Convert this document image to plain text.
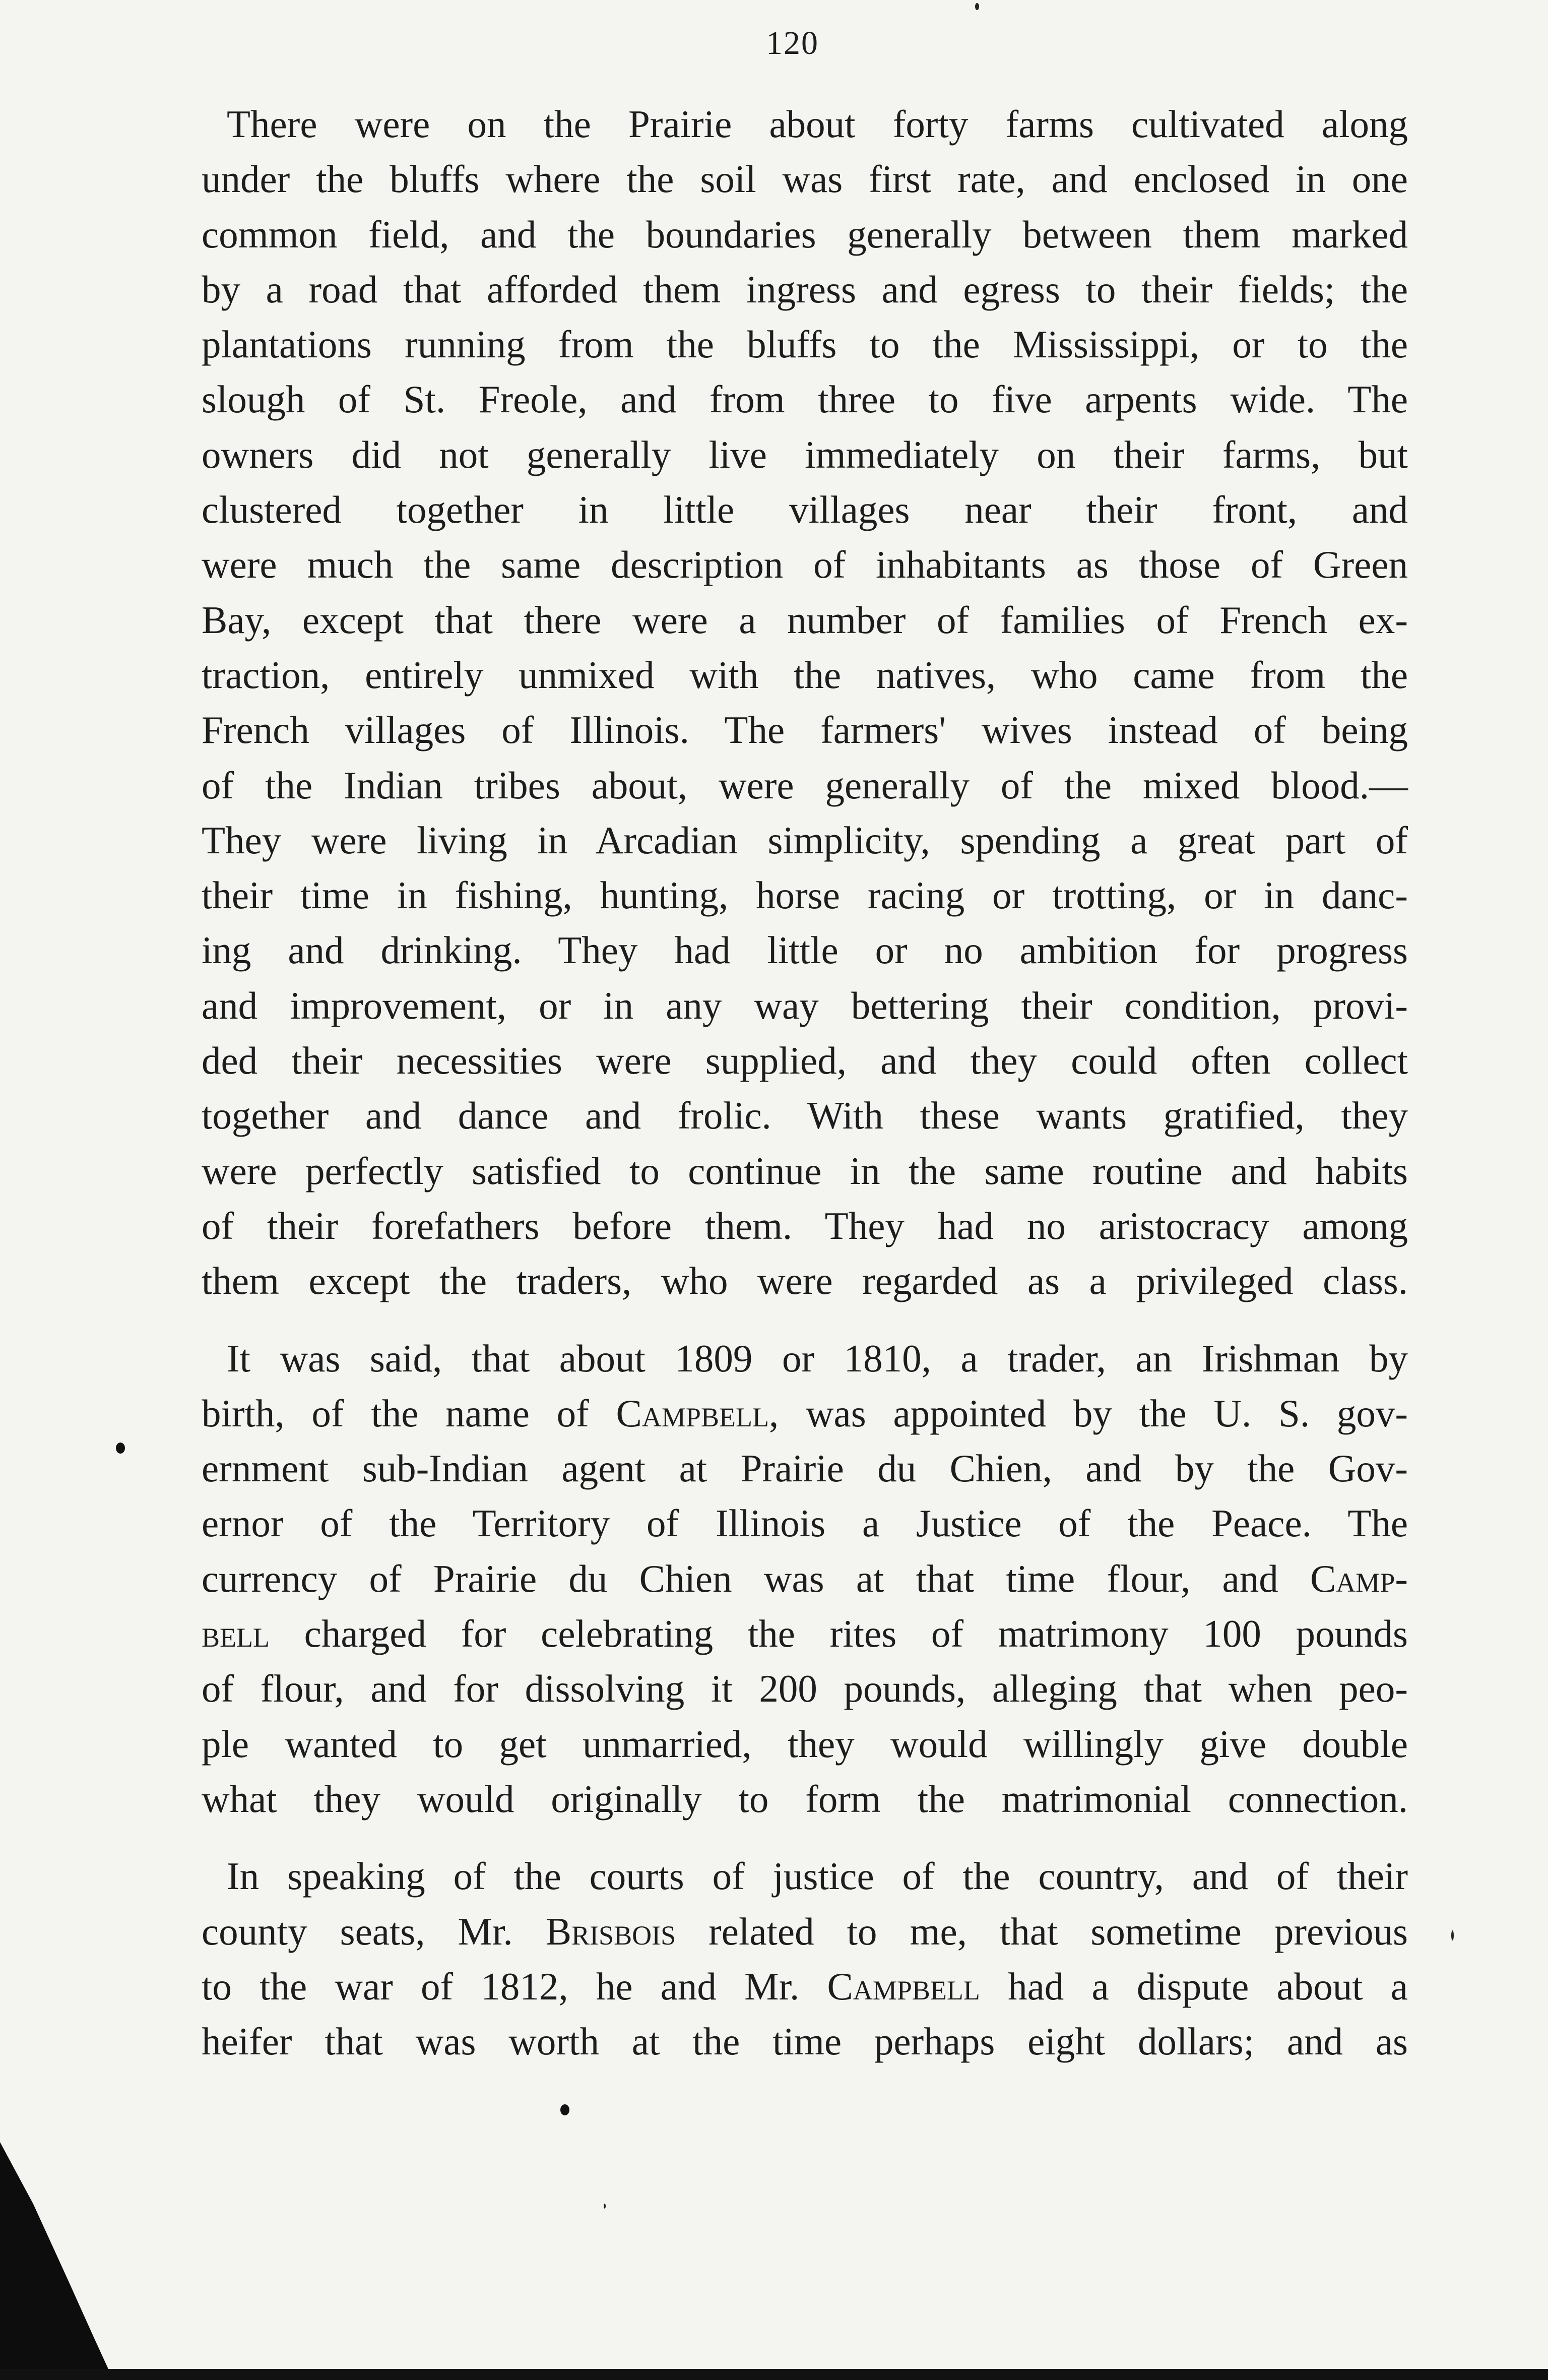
120
There were on the Prairie about forty farms cultivated along
under the bluffs where the soil was first rate, and enclosed in one
common field, and the boundaries generally between them marked
by a road that afforded them ingress and egress to their fields; the
plantations running from the bluffs to the Mississippi, or to the
slough of St. Freole, and from three to five arpents wide. The
owners did not generally live immediately on their farms, but
clustered together in little villages near their front, and
were much the same description of inhabitants as those of Green
Bay, except that there were a number of families of French ex-
traction, entirely unmixed with the natives, who came from the
French villages of Illinois. The farmers' wives instead of being
of the Indian tribes about, were generally of the mixed blood.—
They were living in Arcadian simplicity, spending a great part of
their time in fishing, hunting, horse racing or trotting, or in danc-
ing and drinking. They had little or no ambition for progress
and improvement, or in any way bettering their condition, provi-
ded their necessities were supplied, and they could often collect
together and dance and frolic. With these wants gratified, they
were perfectly satisfied to continue in the same routine and habits
of their forefathers before them. They had no aristocracy among
them except the traders, who were regarded as a privileged class.
It was said, that about 1809 or 1810, a trader, an Irishman by
birth, of the name of Campbell, was appointed by the U. S. gov-
ernment sub-Indian agent at Prairie du Chien, and by the Gov-
ernor of the Territory of Illinois a Justice of the Peace. The
currency of Prairie du Chien was at that time flour, and Camp-
bell charged for celebrating the rites of matrimony 100 pounds
of flour, and for dissolving it 200 pounds, alleging that when peo-
ple wanted to get unmarried, they would willingly give double
what they would originally to form the matrimonial connection.
In speaking of the courts of justice of the country, and of their
county seats, Mr. Brisbois related to me, that sometime previous
to the war of 1812, he and Mr. Campbell had a dispute about a
heifer that was worth at the time perhaps eight dollars; and as
